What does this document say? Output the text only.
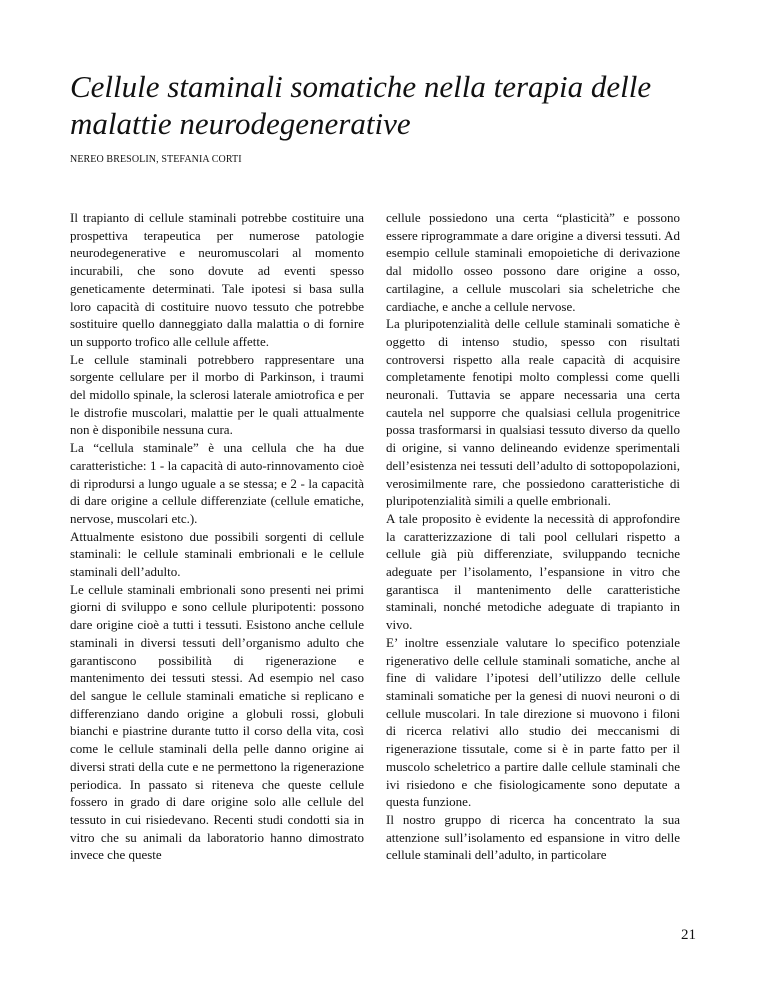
Cellule staminali somatiche nella terapia delle malattie neurodegenerative

NEREO BRESOLIN, STEFANIA CORTI

Il trapianto di cellule staminali potrebbe costituire una prospettiva terapeutica per numerose patologie neurodegenerative e neuromuscolari al momento incurabili, che sono dovute ad eventi spesso geneticamente determinati. Tale ipotesi si basa sulla loro capacità di costituire nuovo tessuto che potrebbe sostituire quello danneggiato dalla malattia o di fornire un supporto trofico alle cellule affette.

Le cellule staminali potrebbero rappresentare una sorgente cellulare per il morbo di Parkinson, i traumi del midollo spinale, la sclerosi laterale amiotrofica e per le distrofie muscolari, malattie per le quali attualmente non è disponibile nessuna cura.

La “cellula staminale” è una cellula che ha due caratteristiche: 1 - la capacità di auto-rinnovamento cioè di riprodursi a lungo uguale a se stessa; e 2 - la capacità di dare origine a cellule differenziate (cellule ematiche, nervose, muscolari etc.).

Attualmente esistono due possibili sorgenti di cellule staminali: le cellule staminali embrionali e le cellule staminali dell’adulto.

Le cellule staminali embrionali sono presenti nei primi giorni di sviluppo e sono cellule pluripotenti: possono dare origine cioè a tutti i tessuti. Esistono anche cellule staminali in diversi tessuti dell’organismo adulto che garantiscono possibilità di rigenerazione e mantenimento dei tessuti stessi. Ad esempio nel caso del sangue le cellule staminali ematiche si replicano e differenziano dando origine a globuli rossi, globuli bianchi e piastrine durante tutto il corso della vita, così come le cellule staminali della pelle danno origine ai diversi strati della cute e ne permettono la rigenerazione periodica. In passato si riteneva che queste cellule fossero in grado di dare origine solo alle cellule del tessuto in cui risiedevano. Recenti studi condotti sia in vitro che su animali da laboratorio hanno dimostrato invece che queste

cellule possiedono una certa “plasticità” e possono essere riprogrammate a dare origine a diversi tessuti. Ad esempio cellule staminali emopoietiche di derivazione dal midollo osseo possono dare origine a osso, cartilagine, a cellule muscolari sia scheletriche che cardiache, e anche a cellule nervose.

La pluripotenzialità delle cellule staminali somatiche è oggetto di intenso studio, spesso con risultati controversi rispetto alla reale capacità di acquisire completamente fenotipi molto complessi come quelli neuronali. Tuttavia se appare necessaria una certa cautela nel supporre che qualsiasi cellula progenitrice possa trasformarsi in qualsiasi tessuto diverso da quello di origine, si vanno delineando evidenze sperimentali dell’esistenza nei tessuti dell’adulto di sottopopolazioni, verosimilmente rare, che possiedono caratteristiche di pluripotenzialità simili a quelle embrionali.

A tale proposito è evidente la necessità di approfondire la caratterizzazione di tali pool cellulari rispetto a cellule già più differenziate, sviluppando tecniche adeguate per l’isolamento, l’espansione in vitro che garantisca il mantenimento delle caratteristiche staminali, nonché metodiche adeguate di trapianto in vivo.

E’ inoltre essenziale valutare lo specifico potenziale rigenerativo delle cellule staminali somatiche, anche al fine di validare l’ipotesi dell’utilizzo delle cellule staminali somatiche per la genesi di nuovi neuroni o di cellule muscolari. In tale direzione si muovono i filoni di ricerca relativi allo studio dei meccanismi di rigenerazione tissutale, come si è in parte fatto per il muscolo scheletrico a partire dalle cellule staminali che ivi risiedono e che fisiologicamente sono deputate a questa funzione.

Il nostro gruppo di ricerca ha concentrato la sua attenzione sull’isolamento ed espansione in vitro delle cellule staminali dell’adulto, in particolare

21
